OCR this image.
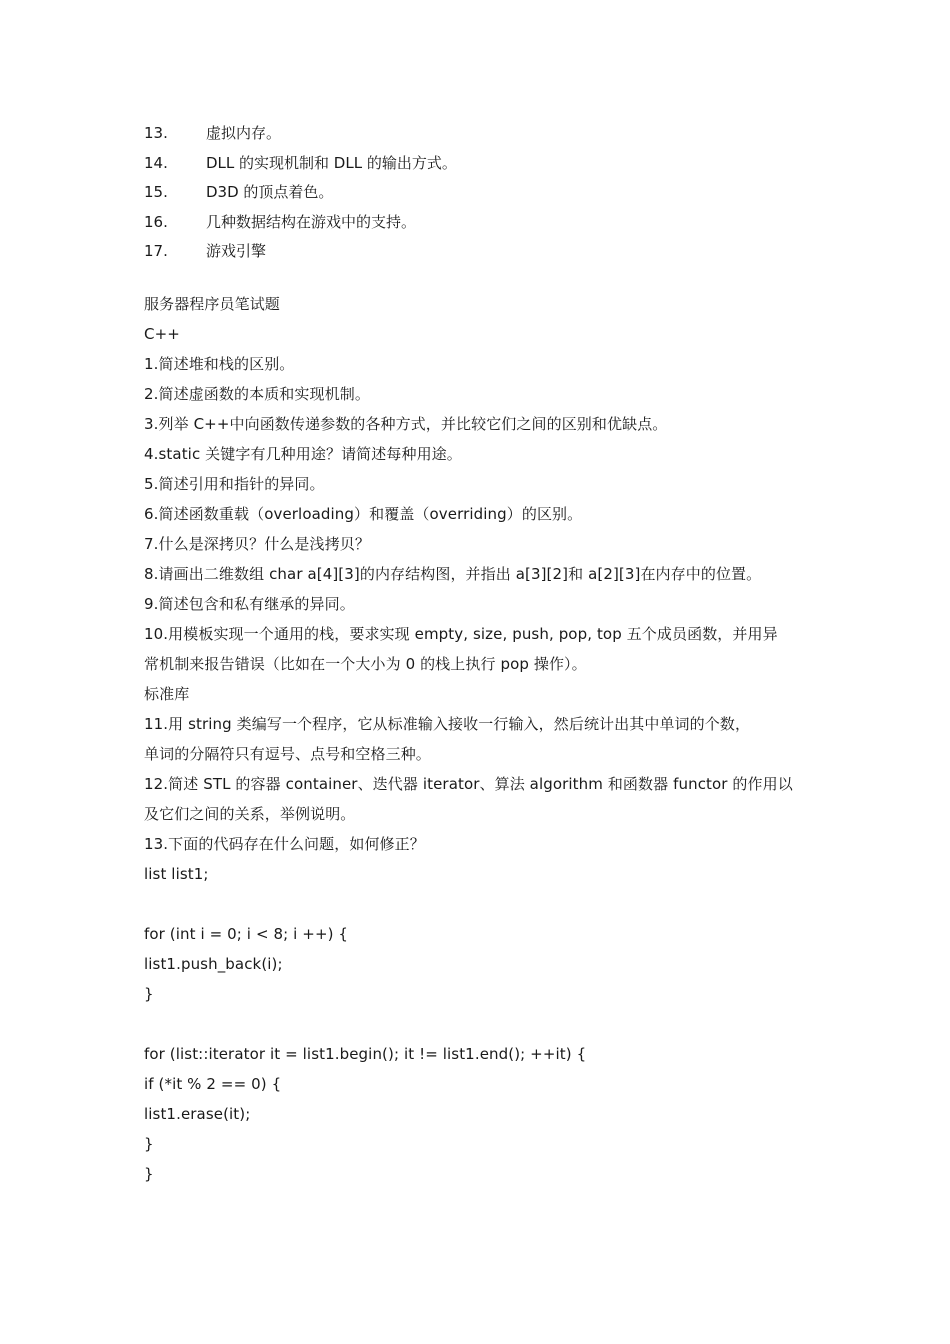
13.	虚拟内存。
14.	DLL 的实现机制和 DLL 的输出方式。
15.	D3D 的顶点着色。
16.	几种数据结构在游戏中的支持。
17.	游戏引擎
服务器程序员笔试题
C++
1.简述堆和栈的区别。
2.简述虚函数的本质和实现机制。
3.列举 C++中向函数传递参数的各种方式，并比较它们之间的区别和优缺点。
4.static 关键字有几种用途？请简述每种用途。
5.简述引用和指针的异同。
6.简述函数重载（overloading）和覆盖（overriding）的区别。
7.什么是深拷贝？什么是浅拷贝？
8.请画出二维数组 char a[4][3]的内存结构图，并指出 a[3][2]和 a[2][3]在内存中的位置。
9.简述包含和私有继承的异同。
10.用模板实现一个通用的栈，要求实现 empty, size, push, pop, top 五个成员函数，并用异
常机制来报告错误（比如在一个大小为 0 的栈上执行 pop 操作）。
标准库
11.用 string 类编写一个程序，它从标准输入接收一行输入，然后统计出其中单词的个数，
单词的分隔符只有逗号、点号和空格三种。
12.简述 STL 的容器 container、迭代器 iterator、算法 algorithm 和函数器 functor 的作用以
及它们之间的关系，举例说明。
13.下面的代码存在什么问题，如何修正？
list list1;
for (int i = 0; i < 8; i ++) {
list1.push_back(i);
}
for (list::iterator it = list1.begin(); it != list1.end(); ++it) {
if (*it % 2 == 0) {
list1.erase(it);
}
}
